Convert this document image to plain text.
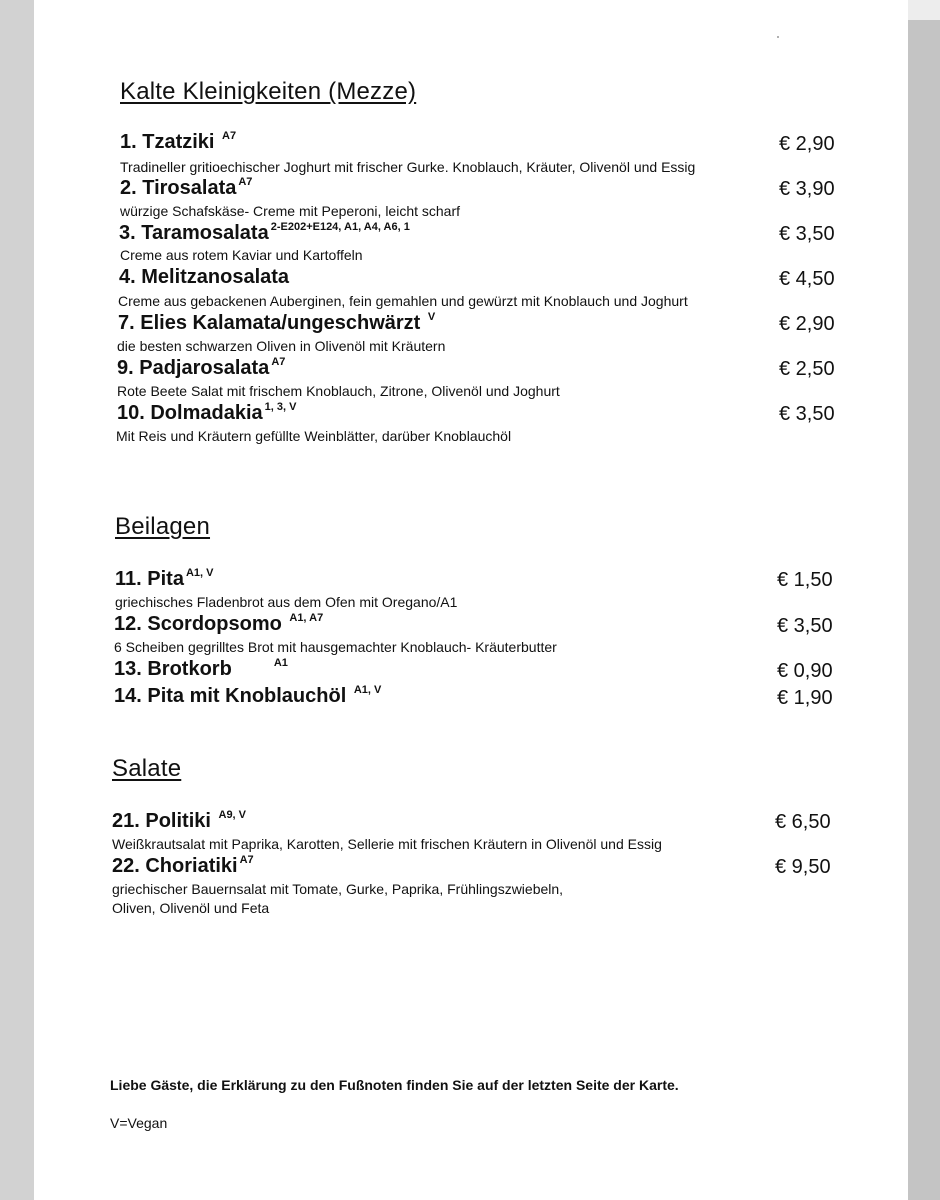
Kalte Kleinigkeiten (Mezze)
1. Tzatziki $^{A7}$
Tradineller gritioechischer Joghurt mit frischer Gurke. Knoblauch, Kräuter, Olivenöl und Essig
€ 2,90
2. Tirosalata $^{A7}$
würzige Schafskäse- Creme mit Peperoni, leicht scharf
€ 3,90
3. Taramosalata $^{2-E202+E124, A1, A4, A6, 1}$
Creme aus rotem Kaviar und Kartoffeln
€ 3,50
4. Melitzanosalata
Creme aus gebackenen Auberginen, fein gemahlen und gewürzt mit Knoblauch und Joghurt
€ 4,50
7. Elies Kalamata/ungeschwärzt $^V$
die besten schwarzen Oliven in Olivenöl mit Kräutern
€ 2,90
9. Padjarosalata $^{A7}$
Rote Beete Salat mit frischem Knoblauch, Zitrone, Olivenöl und Joghurt
€ 2,50
10. Dolmadakia $^{1, 3, V}$
Mit Reis und Kräutern gefüllte Weinblätter, darüber Knoblauchöl
€ 3,50
Beilagen
11. Pita $^{A1, V}$
griechisches Fladenbrot aus dem Ofen mit Oregano/A1
€ 1,50
12. Scordopsomo $^{A1, A7}$
6 Scheiben gegrilltes Brot mit hausgemachter Knoblauch- Kräuterbutter
€ 3,50
13. Brotkorb	$^{A1}$	€ 0,90
14. Pita mit Knoblauchöl $^{A1, V}$	€ 1,90
Salate
21. Politiki $^{A9, V}$
Weißkrautsalat mit Paprika, Karotten, Sellerie mit frischen Kräutern in Olivenöl und Essig
€ 6,50
22. Choriatiki $^{A7}$
griechischer Bauernsalat mit Tomate, Gurke, Paprika, Frühlingszwiebeln,
Oliven, Olivenöl und Feta
€ 9,50
Liebe Gäste, die Erklärung zu den Fußnoten finden Sie auf der letzten Seite der Karte.
V=Vegan
